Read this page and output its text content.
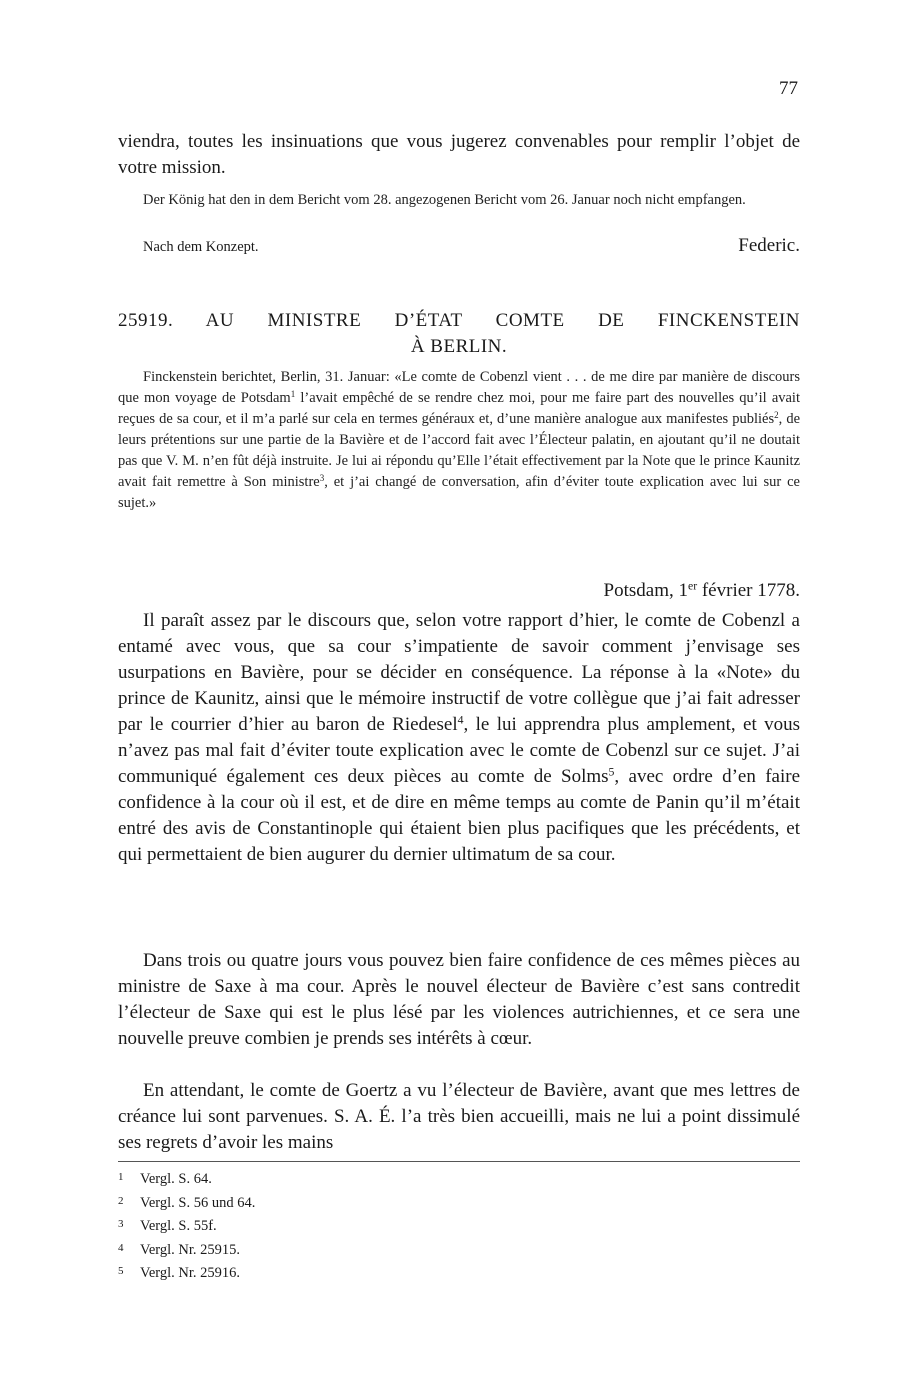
77

viendra, toutes les insinuations que vous jugerez convenables pour remplir l’objet de votre mission.

Der König hat den in dem Bericht vom 28. angezogenen Bericht vom 26. Januar noch nicht empfangen.

Nach dem Konzept.	Federic.
25919. AU MINISTRE D’ÉTAT COMTE DE FINCKENSTEIN
À BERLIN.

Finckenstein berichtet, Berlin, 31. Januar: «Le comte de Cobenzl vient . . . de me dire par manière de discours que mon voyage de Potsdam$^1$ l’avait empêché de se rendre chez moi, pour me faire part des nouvelles qu’il avait reçues de sa cour, et il m’a parlé sur cela en termes généraux et, d’une manière analogue aux manifestes publiés$^2$, de leurs prétentions sur une partie de la Bavière et de l’accord fait avec l’Électeur palatin, en ajoutant qu’il ne doutait pas que V. M. n’en fût déjà instruite. Je lui ai répondu qu’Elle l’était effectivement par la Note que le prince Kaunitz avait fait remettre à Son ministre$^3$, et j’ai changé de conversation, afin d’éviter toute explication avec lui sur ce sujet.»

Potsdam, 1er février 1778.

Il paraît assez par le discours que, selon votre rapport d’hier, le comte de Cobenzl a entamé avec vous, que sa cour s’impatiente de savoir comment j’envisage ses usurpations en Bavière, pour se décider en conséquence. La réponse à la «Note» du prince de Kaunitz, ainsi que le mémoire instructif de votre collègue que j’ai fait adresser par le courrier d’hier au baron de Riedesel$^4$, le lui apprendra plus amplement, et vous n’avez pas mal fait d’éviter toute explication avec le comte de Cobenzl sur ce sujet. J’ai communiqué également ces deux pièces au comte de Solms$^5$, avec ordre d’en faire confidence à la cour où il est, et de dire en même temps au comte de Panin qu’il m’était entré des avis de Constantinople qui étaient bien plus pacifiques que les précédents, et qui permettaient de bien augurer du dernier ultimatum de sa cour.

Dans trois ou quatre jours vous pouvez bien faire confidence de ces mêmes pièces au ministre de Saxe à ma cour. Après le nouvel électeur de Bavière c’est sans contredit l’électeur de Saxe qui est le plus lésé par les violences autrichiennes, et ce sera une nouvelle preuve combien je prends ses intérêts à cœur.

En attendant, le comte de Goertz a vu l’électeur de Bavière, avant que mes lettres de créance lui sont parvenues. S. A. É. l’a très bien accueilli, mais ne lui a point dissimulé ses regrets d’avoir les mains

1 Vergl. S. 64.
2 Vergl. S. 56 und 64.
3 Vergl. S. 55f.
4 Vergl. Nr. 25915.
5 Vergl. Nr. 25916.
